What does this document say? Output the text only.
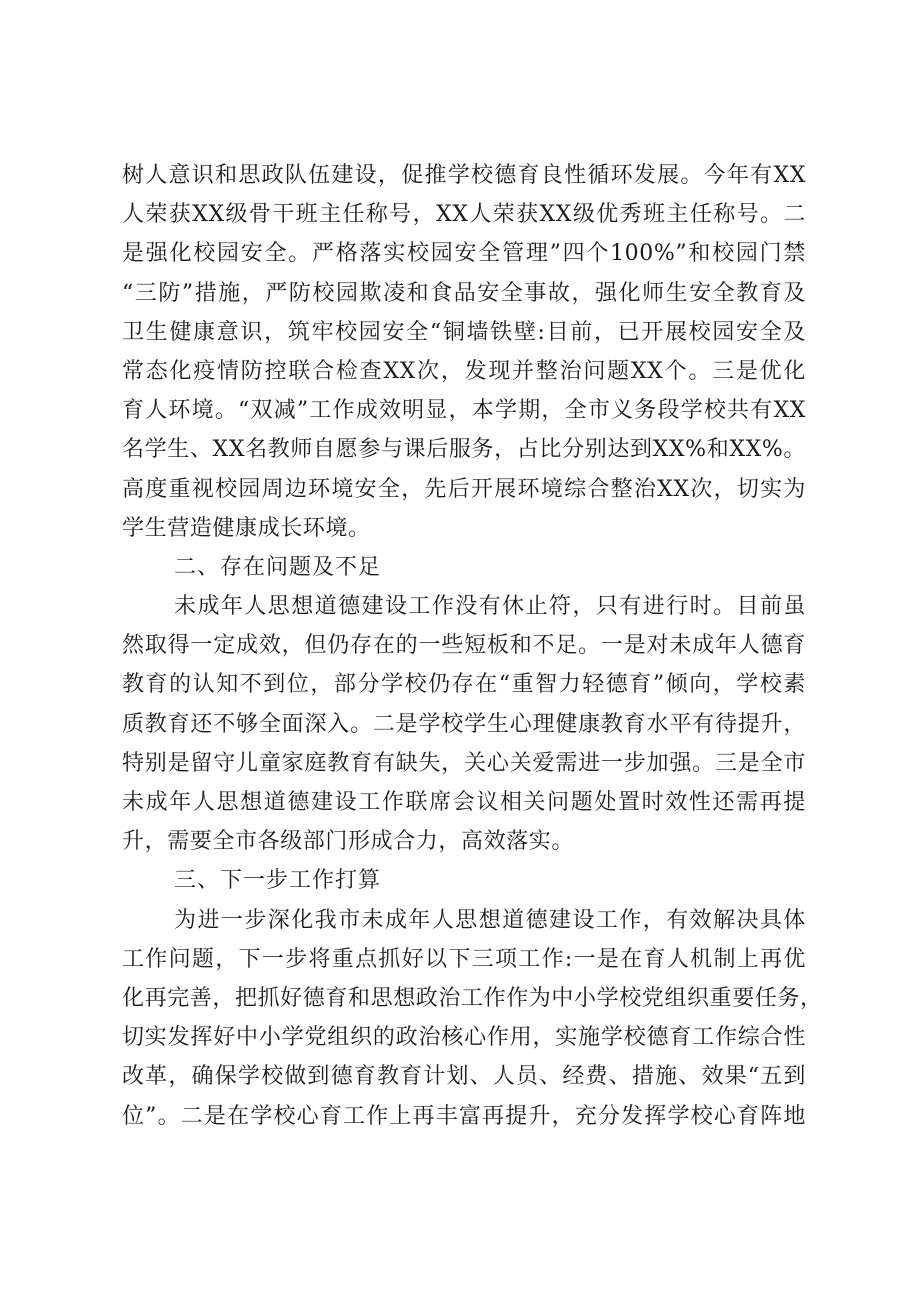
树人意识和思政队伍建设，促推学校德育良性循环发展。今年有XX
人荣获XX级骨干班主任称号，XX人荣获XX级优秀班主任称号。二
是强化校园安全。严格落实校园安全管理”四个100%”和校园门禁
“三防”措施，严防校园欺凌和食品安全事故，强化师生安全教育及
卫生健康意识，筑牢校园安全“铜墙铁壁:目前，已开展校园安全及
常态化疫情防控联合检查XX次，发现并整治问题XX个。三是优化
育人环境。“双减”工作成效明显，本学期，全市义务段学校共有XX
名学生、XX名教师自愿参与课后服务，占比分别达到XX%和XX%。
高度重视校园周边环境安全，先后开展环境综合整治XX次，切实为
学生营造健康成长环境。
二、存在问题及不足
未成年人思想道德建设工作没有休止符，只有进行时。目前虽
然取得一定成效，但仍存在的一些短板和不足。一是对未成年人德育
教育的认知不到位，部分学校仍存在“重智力轻德育”倾向，学校素
质教育还不够全面深入。二是学校学生心理健康教育水平有待提升，
特别是留守儿童家庭教育有缺失，关心关爱需进一步加强。三是全市
未成年人思想道德建设工作联席会议相关问题处置时效性还需再提
升，需要全市各级部门形成合力，高效落实。
三、下一步工作打算
为进一步深化我市未成年人思想道德建设工作，有效解决具体
工作问题，下一步将重点抓好以下三项工作:一是在育人机制上再优
化再完善，把抓好德育和思想政治工作作为中小学校党组织重要任务，
切实发挥好中小学党组织的政治核心作用，实施学校德育工作综合性
改革，确保学校做到德育教育计划、人员、经费、措施、效果“五到
位”。二是在学校心育工作上再丰富再提升，充分发挥学校心育阵地
